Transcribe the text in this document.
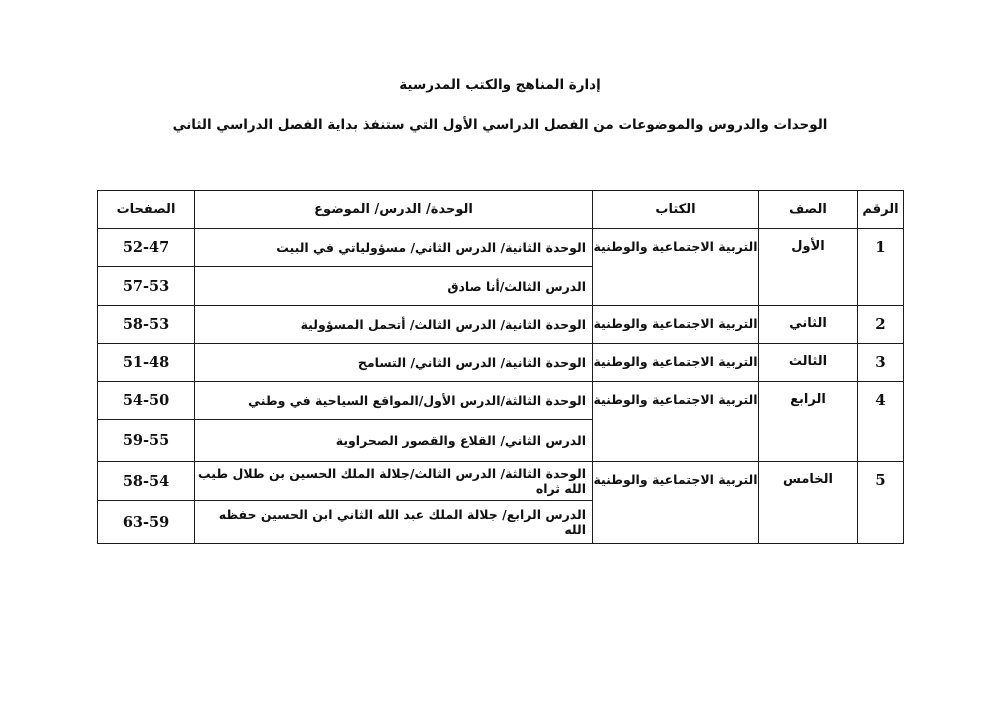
إدارة المناهج والكتب المدرسية
الوحدات والدروس والموضوعات من الفصل الدراسي الأول التي ستنفذ بداية الفصل الدراسي الثاني
الرقم	الصف	الكتاب	الوحدة/ الدرس/ الموضوع	الصفحات
1	الأول	التربية الاجتماعية والوطنية	الوحدة الثانية/ الدرس الثاني/ مسؤولياتي في البيت	52-47
			الدرس الثالث/أنا صادق	57-53
2	الثاني	التربية الاجتماعية والوطنية	الوحدة الثانية/ الدرس الثالث/ أتحمل المسؤولية	58-53
3	الثالث	التربية الاجتماعية والوطنية	الوحدة الثانية/ الدرس الثاني/ التسامح	51-48
4	الرابع	التربية الاجتماعية والوطنية	الوحدة الثالثة/الدرس الأول/المواقع السياحية في وطني	54-50
			الدرس الثاني/ القلاع والقصور الصحراوية	59-55
5	الخامس	التربية الاجتماعية والوطنية	الوحدة الثالثة/ الدرس الثالث/جلالة الملك الحسين بن طلال طيب الله ثراه	58-54
			الدرس الرابع/ جلالة الملك عبد الله الثاني ابن الحسين حفظه الله	63-59
